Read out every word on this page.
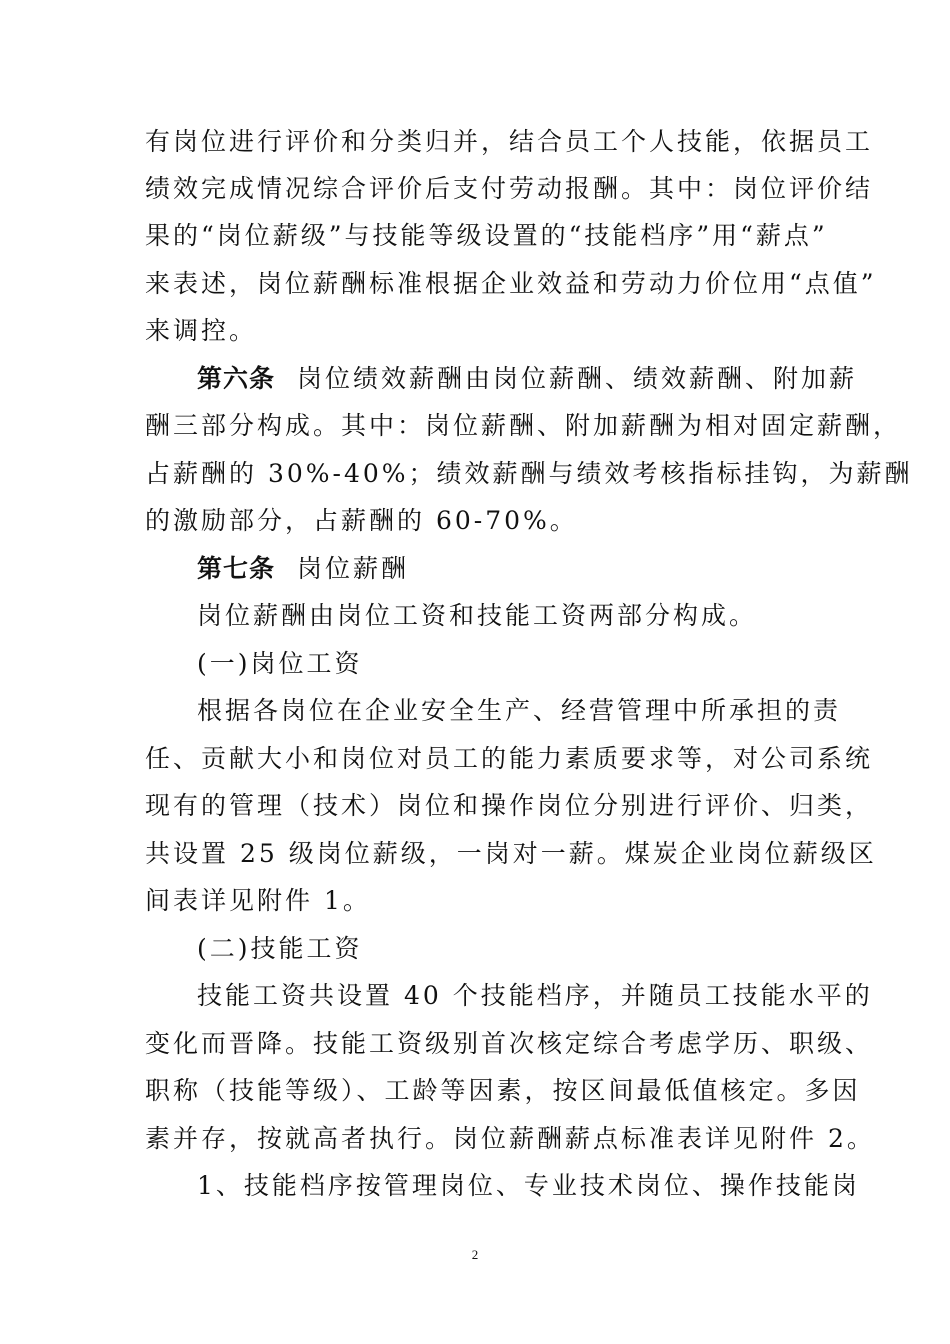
有岗位进行评价和分类归并，结合员工个人技能，依据员工
绩效完成情况综合评价后支付劳动报酬。其中：岗位评价结
果的“岗位薪级”与技能等级设置的“技能档序”用“薪点”
来表述，岗位薪酬标准根据企业效益和劳动力价位用“点值”
来调控。
第六条 岗位绩效薪酬由岗位薪酬、绩效薪酬、附加薪
酬三部分构成。其中：岗位薪酬、附加薪酬为相对固定薪酬，
占薪酬的 30%-40%；绩效薪酬与绩效考核指标挂钩，为薪酬
的激励部分，占薪酬的 60-70%。
第七条 岗位薪酬
岗位薪酬由岗位工资和技能工资两部分构成。
(一)岗位工资
根据各岗位在企业安全生产、经营管理中所承担的责
任、贡献大小和岗位对员工的能力素质要求等，对公司系统
现有的管理（技术）岗位和操作岗位分别进行评价、归类，
共设置 25 级岗位薪级，一岗对一薪。煤炭企业岗位薪级区
间表详见附件 1。
(二)技能工资
技能工资共设置 40 个技能档序，并随员工技能水平的
变化而晋降。技能工资级别首次核定综合考虑学历、职级、
职称（技能等级）、工龄等因素，按区间最低值核定。多因
素并存，按就高者执行。岗位薪酬薪点标准表详见附件 2。
1、技能档序按管理岗位、专业技术岗位、操作技能岗
2
